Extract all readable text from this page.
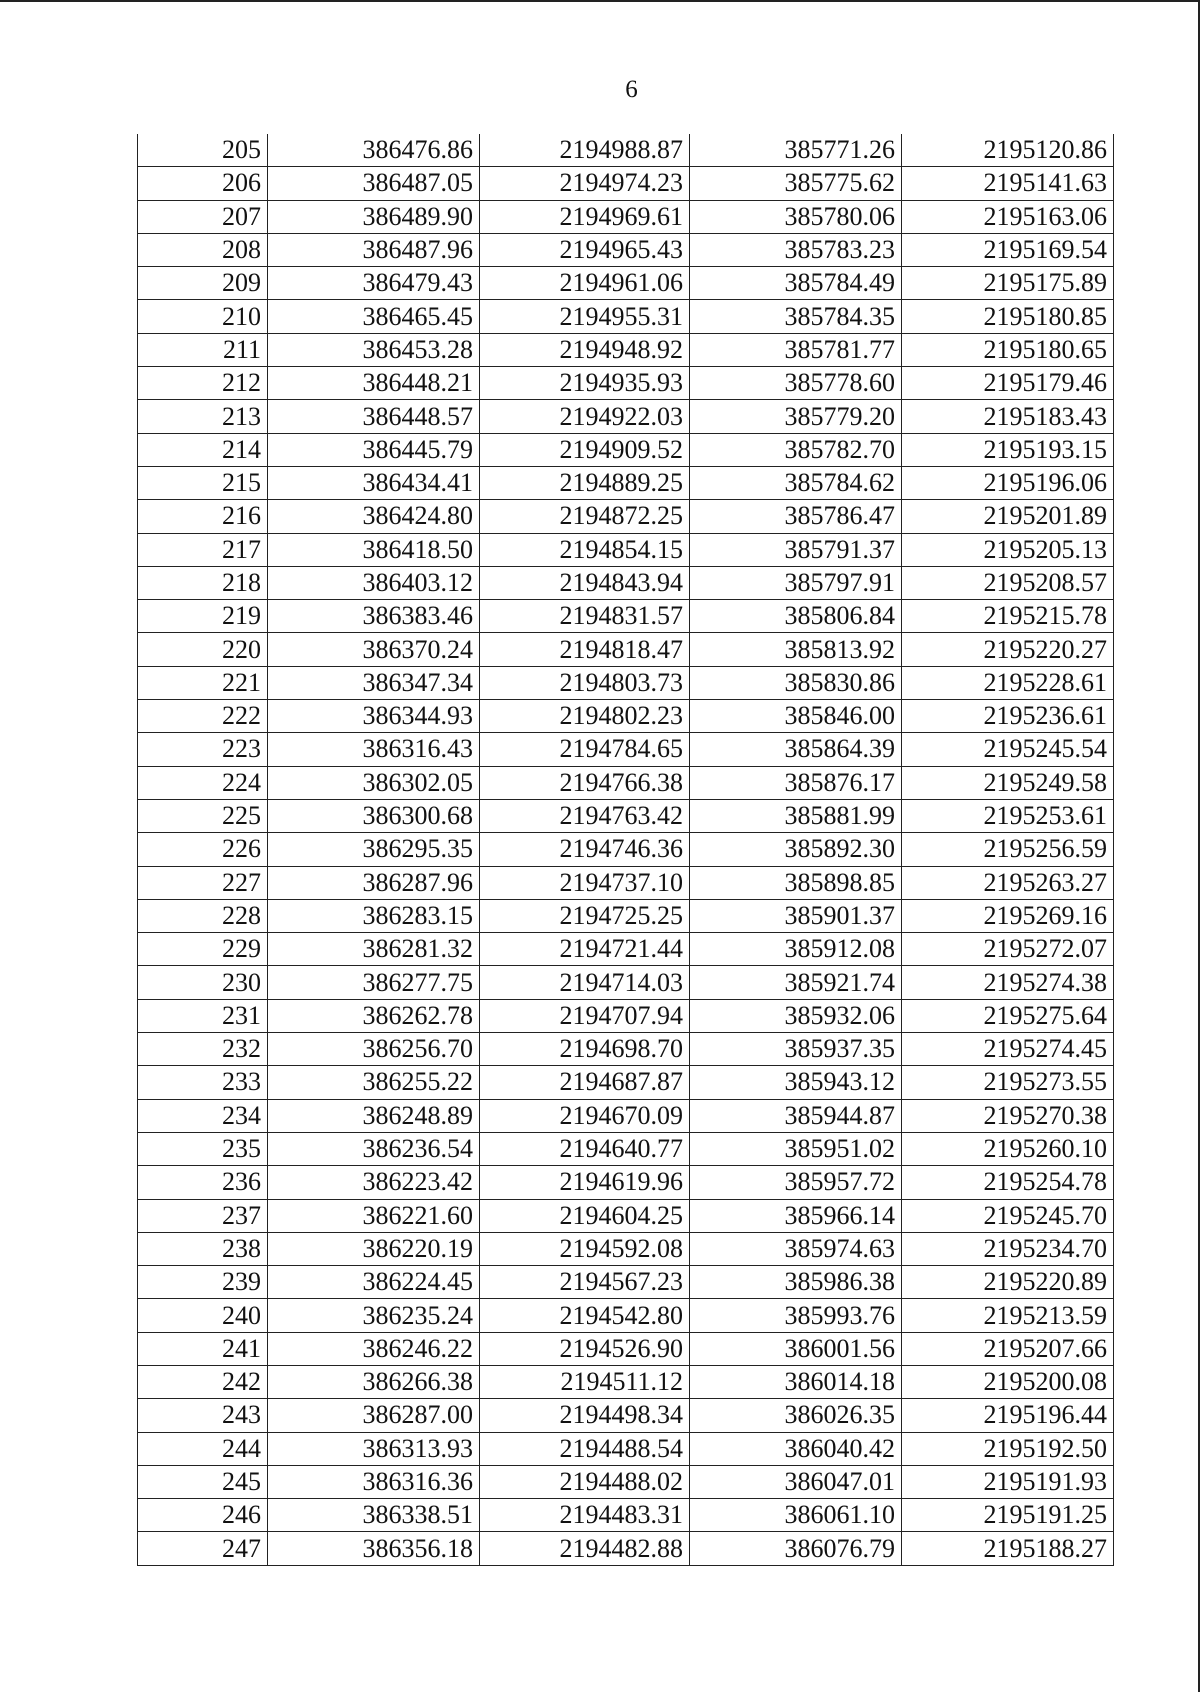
6
205	386476.86	2194988.87	385771.26	2195120.86
206	386487.05	2194974.23	385775.62	2195141.63
207	386489.90	2194969.61	385780.06	2195163.06
208	386487.96	2194965.43	385783.23	2195169.54
209	386479.43	2194961.06	385784.49	2195175.89
210	386465.45	2194955.31	385784.35	2195180.85
211	386453.28	2194948.92	385781.77	2195180.65
212	386448.21	2194935.93	385778.60	2195179.46
213	386448.57	2194922.03	385779.20	2195183.43
214	386445.79	2194909.52	385782.70	2195193.15
215	386434.41	2194889.25	385784.62	2195196.06
216	386424.80	2194872.25	385786.47	2195201.89
217	386418.50	2194854.15	385791.37	2195205.13
218	386403.12	2194843.94	385797.91	2195208.57
219	386383.46	2194831.57	385806.84	2195215.78
220	386370.24	2194818.47	385813.92	2195220.27
221	386347.34	2194803.73	385830.86	2195228.61
222	386344.93	2194802.23	385846.00	2195236.61
223	386316.43	2194784.65	385864.39	2195245.54
224	386302.05	2194766.38	385876.17	2195249.58
225	386300.68	2194763.42	385881.99	2195253.61
226	386295.35	2194746.36	385892.30	2195256.59
227	386287.96	2194737.10	385898.85	2195263.27
228	386283.15	2194725.25	385901.37	2195269.16
229	386281.32	2194721.44	385912.08	2195272.07
230	386277.75	2194714.03	385921.74	2195274.38
231	386262.78	2194707.94	385932.06	2195275.64
232	386256.70	2194698.70	385937.35	2195274.45
233	386255.22	2194687.87	385943.12	2195273.55
234	386248.89	2194670.09	385944.87	2195270.38
235	386236.54	2194640.77	385951.02	2195260.10
236	386223.42	2194619.96	385957.72	2195254.78
237	386221.60	2194604.25	385966.14	2195245.70
238	386220.19	2194592.08	385974.63	2195234.70
239	386224.45	2194567.23	385986.38	2195220.89
240	386235.24	2194542.80	385993.76	2195213.59
241	386246.22	2194526.90	386001.56	2195207.66
242	386266.38	2194511.12	386014.18	2195200.08
243	386287.00	2194498.34	386026.35	2195196.44
244	386313.93	2194488.54	386040.42	2195192.50
245	386316.36	2194488.02	386047.01	2195191.93
246	386338.51	2194483.31	386061.10	2195191.25
247	386356.18	2194482.88	386076.79	2195188.27
